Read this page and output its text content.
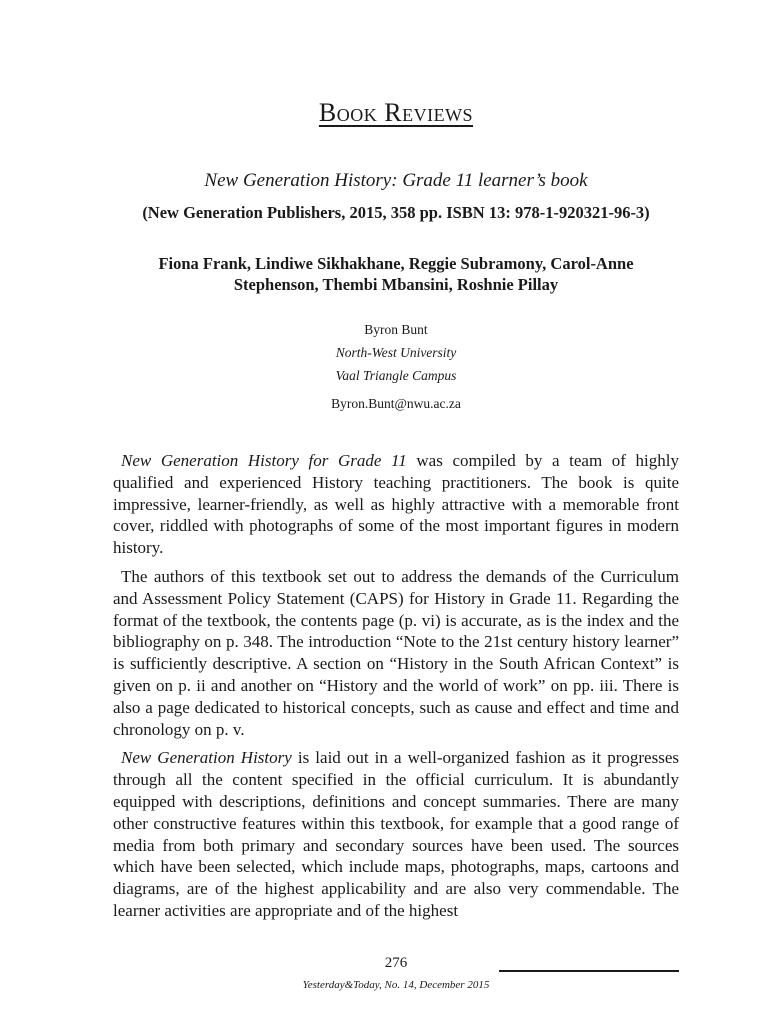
Book Reviews
New Generation History: Grade 11 learner’s book
(New Generation Publishers, 2015, 358 pp. ISBN 13: 978-1-920321-96-3)
Fiona Frank, Lindiwe Sikhakhane, Reggie Subramony, Carol-Anne
Stephenson, Thembi Mbansini, Roshnie Pillay
Byron Bunt
North-West University
Vaal Triangle Campus
Byron.Bunt@nwu.ac.za

New Generation History for Grade 11 was compiled by a team of highly qualified and experienced History teaching practitioners. The book is quite impressive, learner-friendly, as well as highly attractive with a memorable front cover, riddled with photographs of some of the most important figures in modern history.

The authors of this textbook set out to address the demands of the Curriculum and Assessment Policy Statement (CAPS) for History in Grade 11. Regarding the format of the textbook, the contents page (p. vi) is accurate, as is the index and the bibliography on p. 348. The introduction “Note to the 21st century history learner” is sufficiently descriptive. A section on “History in the South African Context” is given on p. ii and another on “History and the world of work” on pp. iii. There is also a page dedicated to historical concepts, such as cause and effect and time and chronology on p. v.

New Generation History is laid out in a well-organized fashion as it progresses through all the content specified in the official curriculum. It is abundantly equipped with descriptions, definitions and concept summaries. There are many other constructive features within this textbook, for example that a good range of media from both primary and secondary sources have been used. The sources which have been selected, which include maps, photographs, maps, cartoons and diagrams, are of the highest applicability and are also very commendable. The learner activities are appropriate and of the highest

276
Yesterday&Today, No. 14, December 2015
